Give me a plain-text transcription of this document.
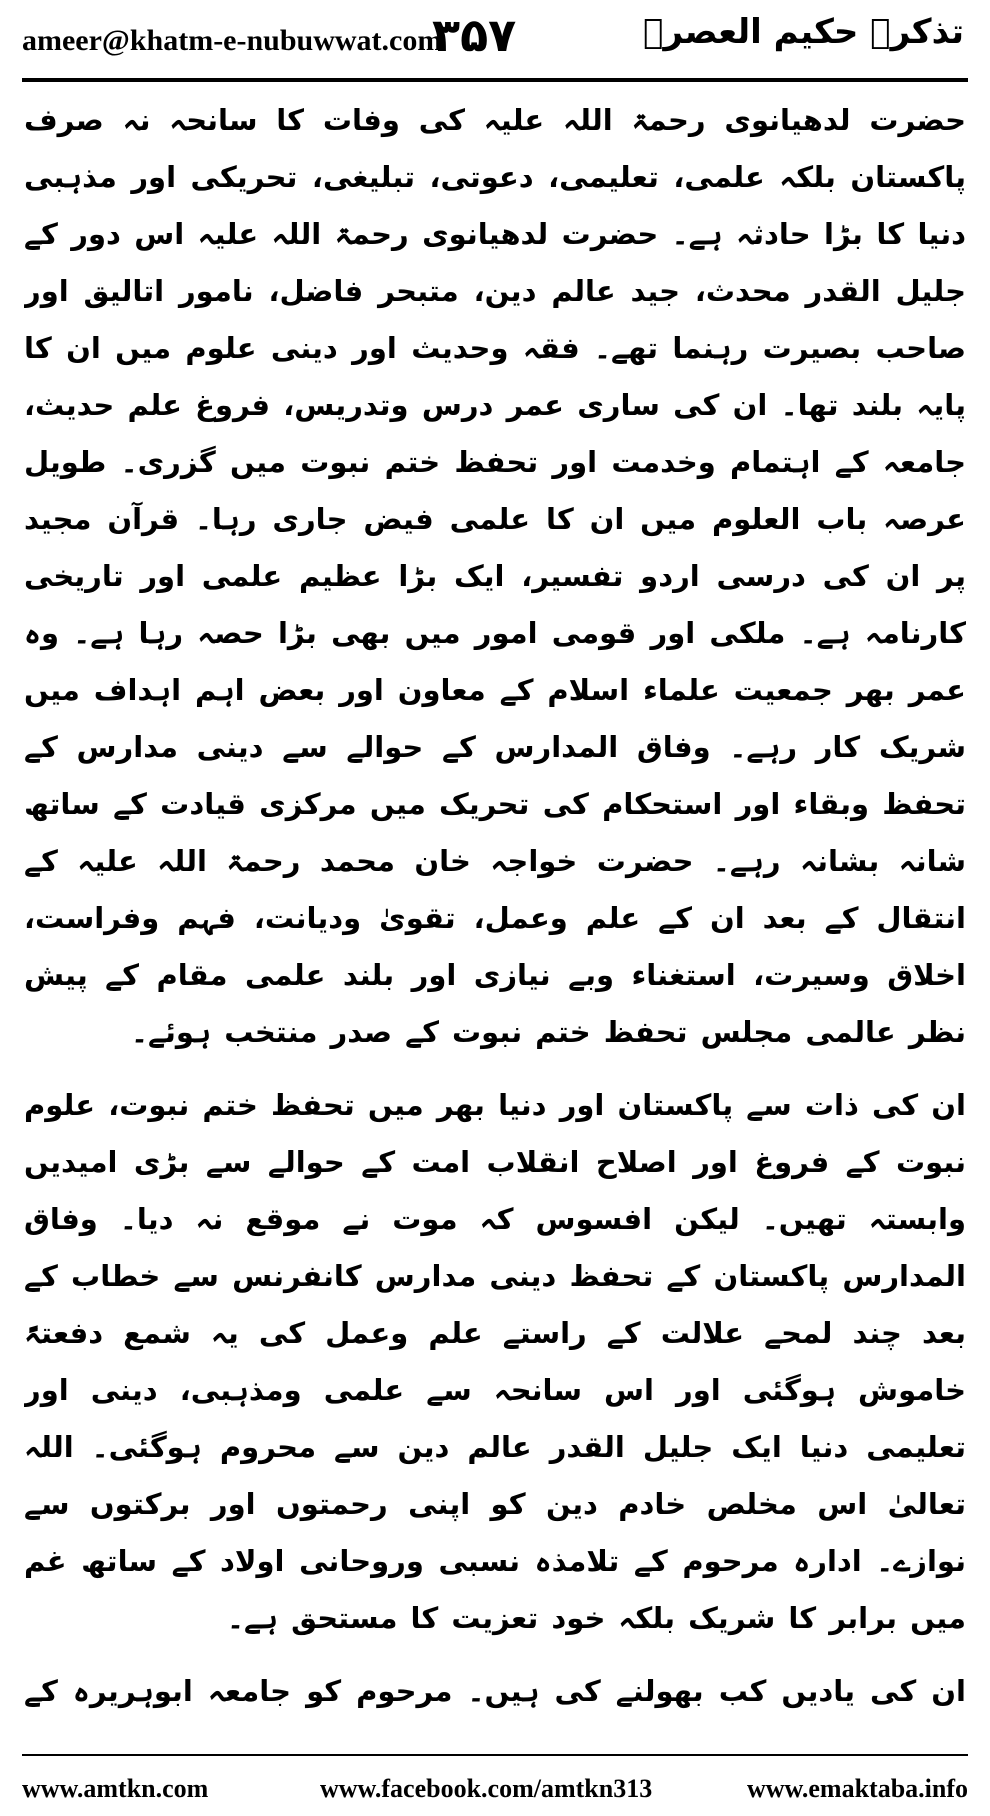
ameer@khatm-e-nubuwwat.com
۳۵۷	تذکرہ حکیم العصرؒ

حضرت لدھیانوی رحمۃ اللہ علیہ کی وفات کا سانحہ نہ صرف پاکستان بلکہ علمی، تعلیمی، دعوتی، تبلیغی، تحریکی اور مذہبی دنیا کا بڑا حادثہ ہے۔ حضرت لدھیانوی رحمۃ اللہ علیہ اس دور کے جلیل القدر محدث، جید عالم دین، متبحر فاضل، نامور اتالیق اور صاحب بصیرت رہنما تھے۔ فقہ وحدیث اور دینی علوم میں ان کا پایہ بلند تھا۔ ان کی ساری عمر درس وتدریس، فروغ علم حدیث، جامعہ کے اہتمام وخدمت اور تحفظ ختم نبوت میں گزری۔ طویل عرصہ باب العلوم میں ان کا علمی فیض جاری رہا۔ قرآن مجید پر ان کی درسی اردو تفسیر، ایک بڑا عظیم علمی اور تاریخی کارنامہ ہے۔ ملکی اور قومی امور میں بھی بڑا حصہ رہا ہے۔ وہ عمر بھر جمعیت علماء اسلام کے معاون اور بعض اہم اہداف میں شریک کار رہے۔ وفاق المدارس کے حوالے سے دینی مدارس کے تحفظ وبقاء اور استحکام کی تحریک میں مرکزی قیادت کے ساتھ شانہ بشانہ رہے۔ حضرت خواجہ خان محمد رحمۃ اللہ علیہ کے انتقال کے بعد ان کے علم وعمل، تقویٰ ودیانت، فہم وفراست، اخلاق وسیرت، استغناء وبے نیازی اور بلند علمی مقام کے پیش نظر عالمی مجلس تحفظ ختم نبوت کے صدر منتخب ہوئے۔

ان کی ذات سے پاکستان اور دنیا بھر میں تحفظ ختم نبوت، علوم نبوت کے فروغ اور اصلاح انقلاب امت کے حوالے سے بڑی امیدیں وابستہ تھیں۔ لیکن افسوس کہ موت نے موقع نہ دیا۔ وفاق المدارس پاکستان کے تحفظ دینی مدارس کانفرنس سے خطاب کے بعد چند لمحے علالت کے راستے علم وعمل کی یہ شمع دفعتہً خاموش ہوگئی اور اس سانحہ سے علمی ومذہبی، دینی اور تعلیمی دنیا ایک جلیل القدر عالم دین سے محروم ہوگئی۔ اللہ تعالیٰ اس مخلص خادم دین کو اپنی رحمتوں اور برکتوں سے نوازے۔ ادارہ مرحوم کے تلامذہ نسبی وروحانی اولاد کے ساتھ غم میں برابر کا شریک بلکہ خود تعزیت کا مستحق ہے۔

ان کی یادیں کب بھولنے کی ہیں۔ مرحوم کو جامعہ ابوہریرہ کے

www.amtkn.com	www.facebook.com/amtkn313	www.emaktaba.info
